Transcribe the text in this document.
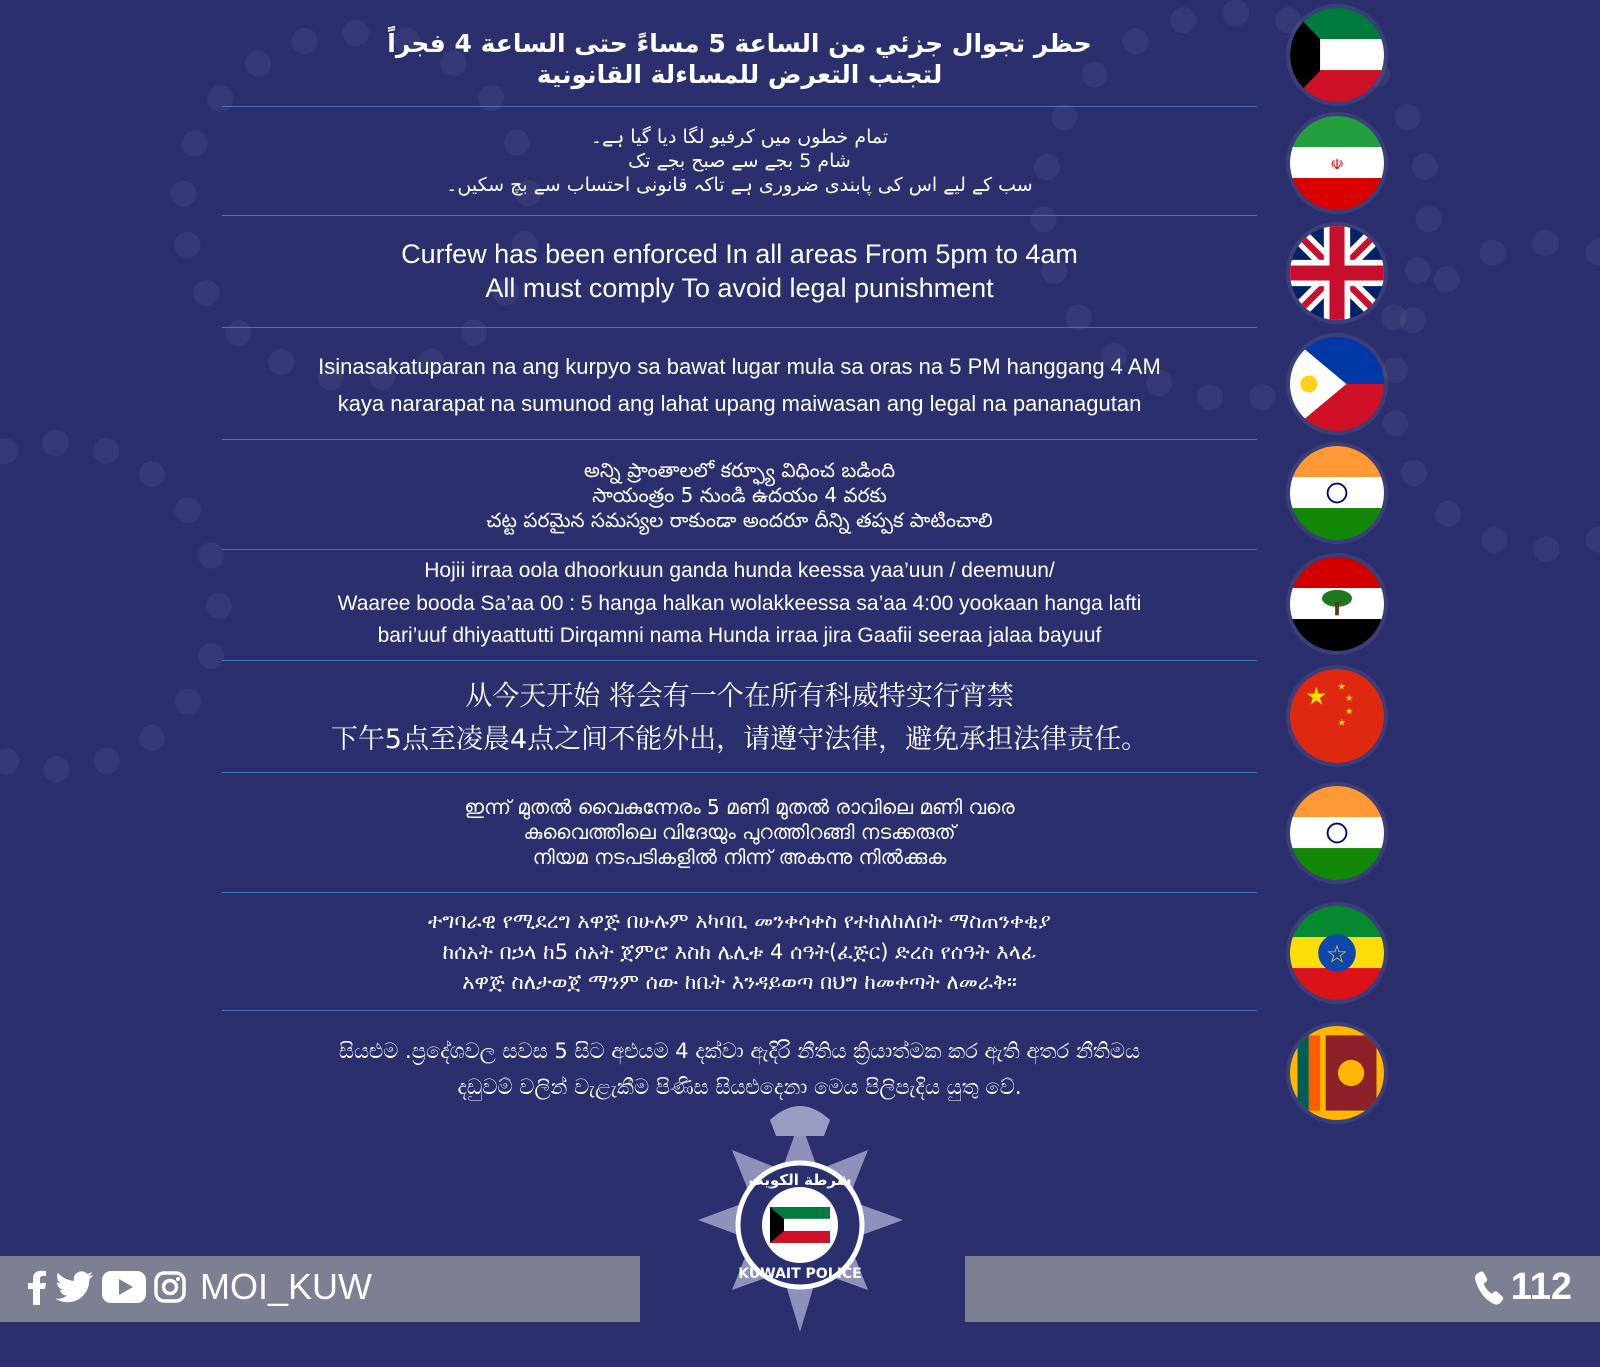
حظر تجوال جزئي من الساعة 5 مساءً حتى الساعة 4 فجراً
لتجنب التعرض للمساءلة القانونية
تمام خطوں میں کرفیو لگا دیا گیا ہے۔
شام 5 بجے سے صبح بجے تک
سب کے لیے اس کی پابندی ضروری ہے تاکہ قانونی احتساب سے بچ سکیں۔
Curfew has been enforced In all areas From 5pm to 4am
All must comply To avoid legal punishment
Isinasakatuparan na ang kurpyo sa bawat lugar mula sa oras na 5 PM hanggang 4 AM
kaya nararapat na sumunod ang lahat upang maiwasan ang legal na pananagutan
అన్ని ప్రాంతాలలో కర్ఫ్యూ విధించ బడింది
సాయంత్రం 5 నుండి ఉదయం 4 వరకు
చట్ట పరమైన సమస్యల రాకుండా అందరూ దీన్ని తప్పక పాటించాలి
Hojii irraa oola dhoorkuun ganda hunda keessa yaa’uun / deemuun/
Waaree booda Sa’aa 00 : 5 hanga halkan wolakkeessa sa’aa 4:00 yookaan hanga lafti
bari’uuf dhiyaattutti Dirqamni nama Hunda irraa jira Gaafii seeraa jalaa bayuuf
从今天开始 将会有一个在所有科威特实行宵禁
下午5点至凌晨4点之间不能外出，请遵守法律，避免承担法律责任。
ഇന്ന് മുതൽ വൈകുന്നേരം 5 മണി മുതൽ രാവിലെ മണി വരെ
കുവൈത്തിലെ വിദേയും പുറത്തിറങ്ങി നടക്കരുത്
നിയമ നടപടികളിൽ നിന്ന് അകന്നു നിൽക്കുക
ተግባራዊ የሚደረግ አዋጅ በሁሉም አካባቢ መንቀሳቀስ የተከለከለበት ማስጠንቀቂያ
ከሰአት በኃላ ከ5 ሰአት ጀምሮ እስከ ሌሊቱ 4 ሰዓት(ፈጅር) ድረስ የሰዓት እላፊ
አዋጅ ስለታወጀ ማንም ሰው ከቤት እንዳይወጣ በህግ ከመቀጣት ለመራቅ።
සියළුම .ප්‍රදේශවල සවස 5 සිට අළුයම 4 දක්වා ඇදිරි නීතිය ක්‍රියාත්මක කර ඇති අතර නීතිමය
දඩුවම් වලින් වැළැකීම පිණිස සියළුදෙනා මෙය පිලිපැදිය යුතු වේ.
☫
★ ★
★
★
★
☆
MOI_KUW	112
شرطة الكويت
KUWAIT POLICE
